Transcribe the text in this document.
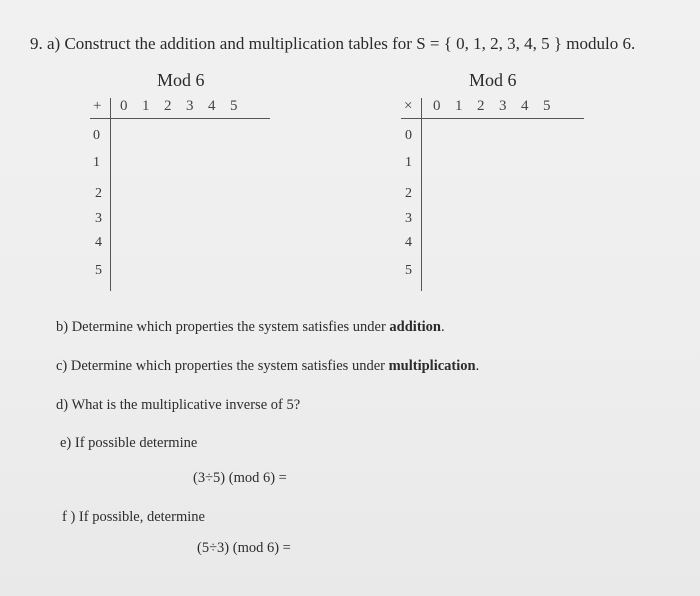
9. a) Construct the addition and multiplication tables for S = { 0, 1, 2, 3, 4, 5 } modulo 6.
Mod 6
+ 0 1 2 3 4 5
0
1
2
3
4
5
Mod 6
× 0 1 2 3 4 5
0
1
2
3
4
5
b) Determine which properties the system satisfies under addition.
c) Determine which properties the system satisfies under multiplication.
d) What is the multiplicative inverse of 5?
e) If possible determine
(3÷5) (mod 6) =
f ) If possible, determine
(5÷3) (mod 6) =
